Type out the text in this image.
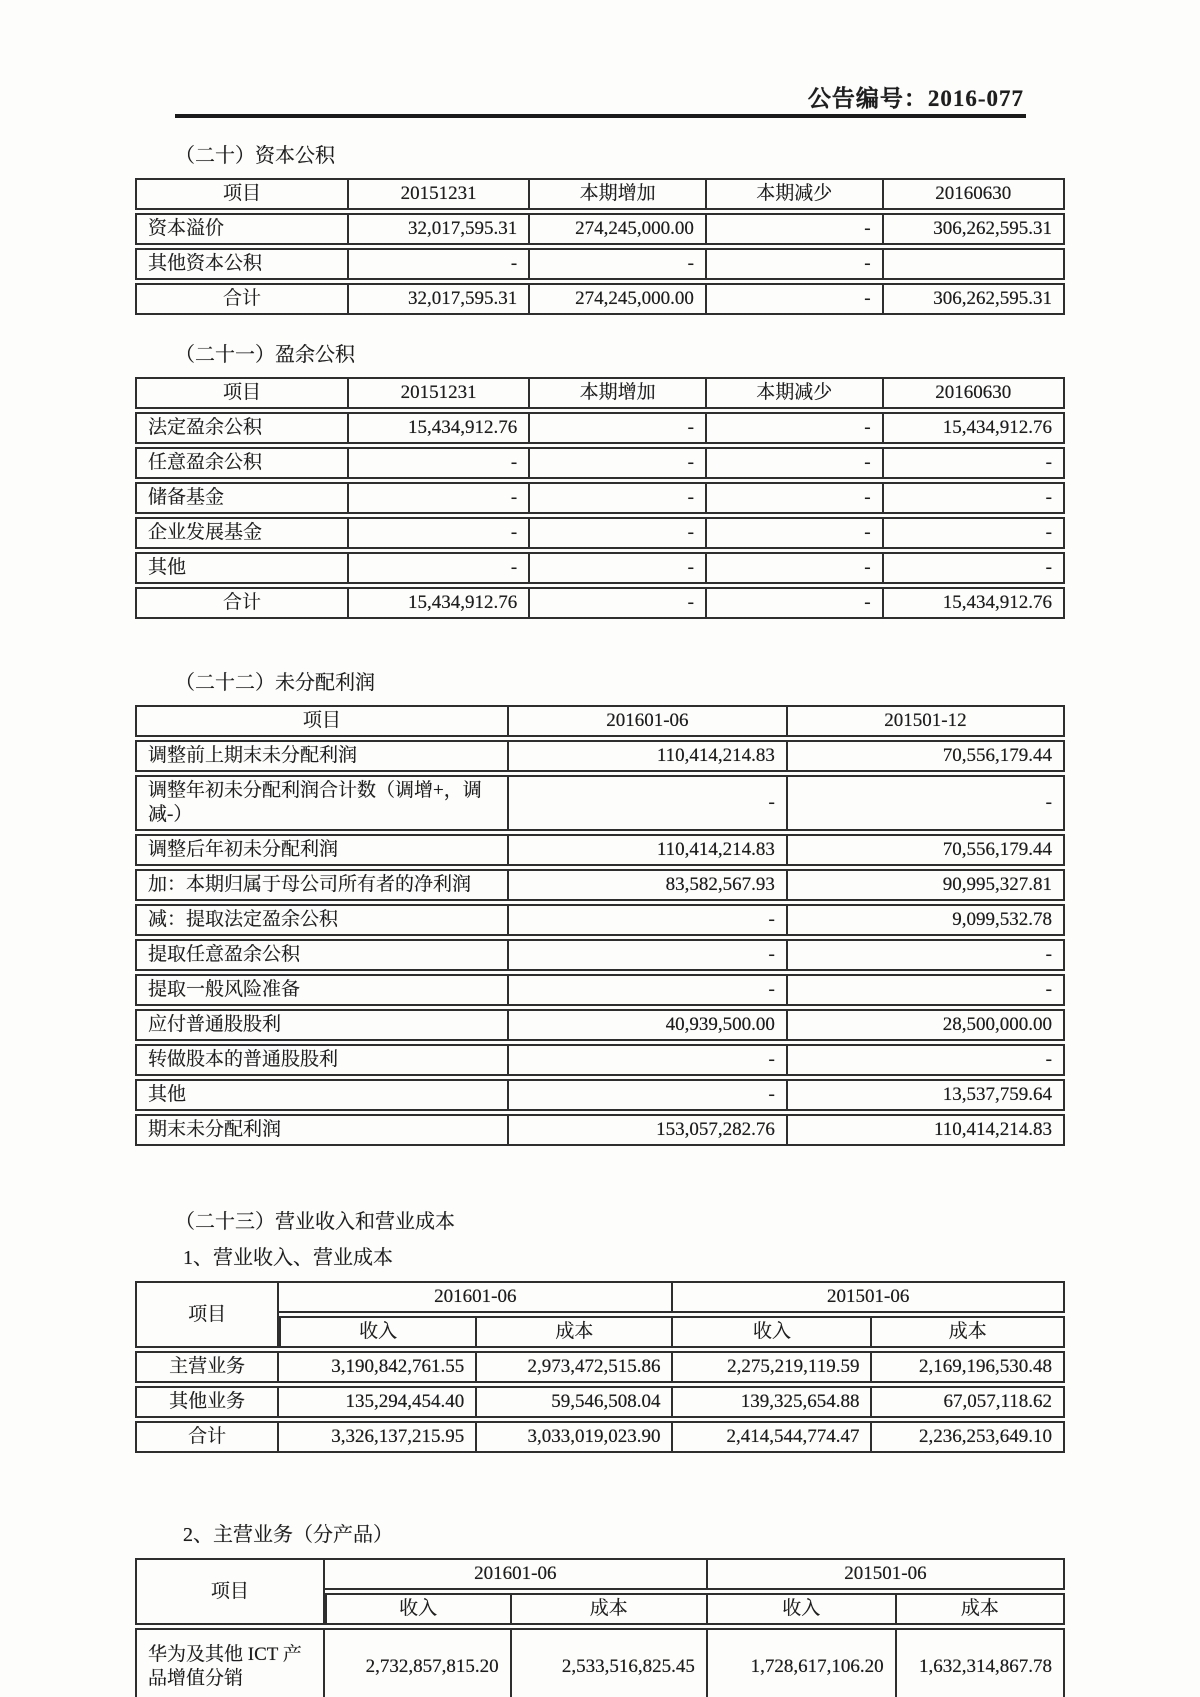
公告编号：2016-077
（二十）资本公积
项目	20151231	本期增加	本期减少	20160630
资本溢价	32,017,595.31	274,245,000.00	-	306,262,595.31
其他资本公积	-	-	-	
合计	32,017,595.31	274,245,000.00	-	306,262,595.31
（二十一）盈余公积
项目	20151231	本期增加	本期减少	20160630
法定盈余公积	15,434,912.76	-	-	15,434,912.76
任意盈余公积	-	-	-	-
储备基金	-	-	-	-
企业发展基金	-	-	-	-
其他	-	-	-	-
合计	15,434,912.76	-	-	15,434,912.76
（二十二）未分配利润
项目	201601-06	201501-12
调整前上期末未分配利润	110,414,214.83	70,556,179.44
调整年初未分配利润合计数（调增+，调减-）	-	-
调整后年初未分配利润	110,414,214.83	70,556,179.44
加：本期归属于母公司所有者的净利润	83,582,567.93	90,995,327.81
减：提取法定盈余公积	-	9,099,532.78
提取任意盈余公积	-	-
提取一般风险准备	-	-
应付普通股股利	40,939,500.00	28,500,000.00
转做股本的普通股股利	-	-
其他	-	13,537,759.64
期末未分配利润	153,057,282.76	110,414,214.83
（二十三）营业收入和营业成本
1、营业收入、营业成本
项目	201601-06		201501-06	
	收入	成本	收入	成本
主营业务	3,190,842,761.55	2,973,472,515.86	2,275,219,119.59	2,169,196,530.48
其他业务	135,294,454.40	59,546,508.04	139,325,654.88	67,057,118.62
合计	3,326,137,215.95	3,033,019,023.90	2,414,544,774.47	2,236,253,649.10
2、主营业务（分产品）
项目	201601-06		201501-06	
	收入	成本	收入	成本
华为及其他 ICT 产品增值分销	2,732,857,815.20	2,533,516,825.45	1,728,617,106.20	1,632,314,867.78
